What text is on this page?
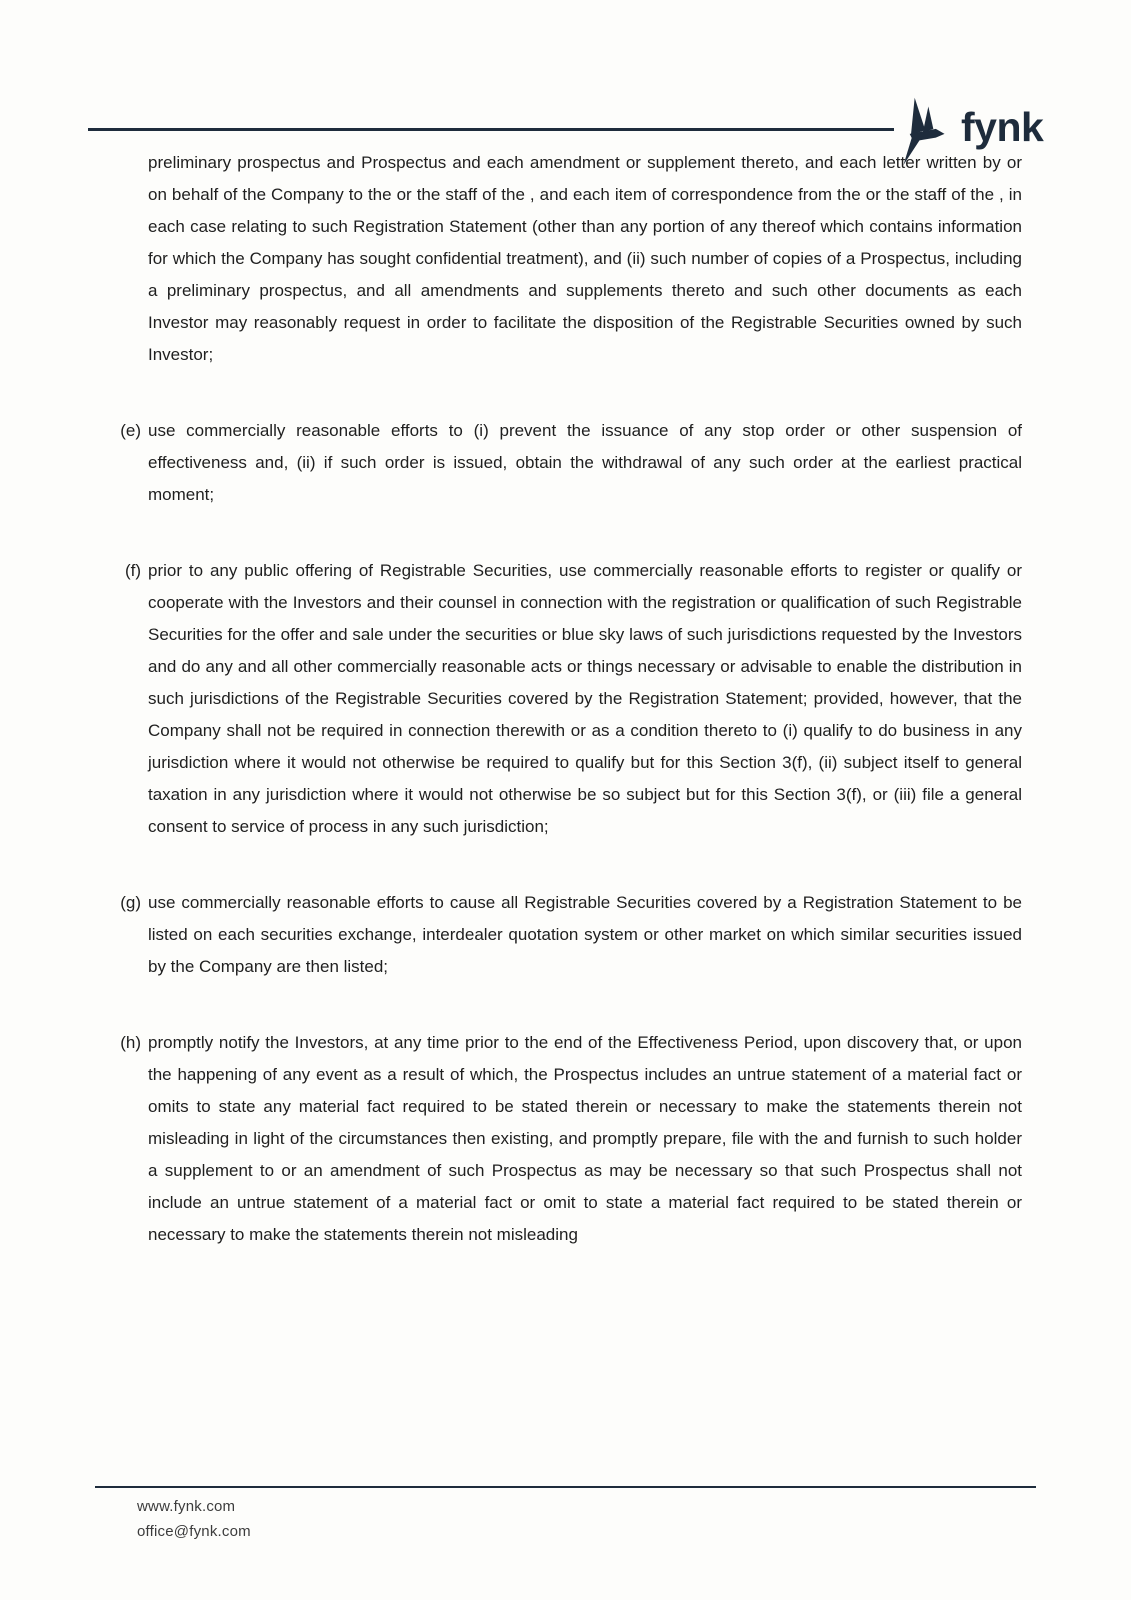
fynk

preliminary prospectus and Prospectus and each amendment or supplement thereto, and each letter written by or on behalf of the Company to the or the staff of the , and each item of correspondence from the or the staff of the , in each case relating to such Registration Statement (other than any portion of any thereof which contains information for which the Company has sought confidential treatment), and (ii) such number of copies of a Prospectus, including a preliminary prospectus, and all amendments and supplements thereto and such other documents as each Investor may reasonably request in order to facilitate the disposition of the Registrable Securities owned by such Investor;

(e) use commercially reasonable efforts to (i) prevent the issuance of any stop order or other suspension of effectiveness and, (ii) if such order is issued, obtain the withdrawal of any such order at the earliest practical moment;

(f) prior to any public offering of Registrable Securities, use commercially reasonable efforts to register or qualify or cooperate with the Investors and their counsel in connection with the registration or qualification of such Registrable Securities for the offer and sale under the securities or blue sky laws of such jurisdictions requested by the Investors and do any and all other commercially reasonable acts or things necessary or advisable to enable the distribution in such jurisdictions of the Registrable Securities covered by the Registration Statement; provided, however, that the Company shall not be required in connection therewith or as a condition thereto to (i) qualify to do business in any jurisdiction where it would not otherwise be required to qualify but for this Section 3(f), (ii) subject itself to general taxation in any jurisdiction where it would not otherwise be so subject but for this Section 3(f), or (iii) file a general consent to service of process in any such jurisdiction;

(g) use commercially reasonable efforts to cause all Registrable Securities covered by a Registration Statement to be listed on each securities exchange, interdealer quotation system or other market on which similar securities issued by the Company are then listed;

(h) promptly notify the Investors, at any time prior to the end of the Effectiveness Period, upon discovery that, or upon the happening of any event as a result of which, the Prospectus includes an untrue statement of a material fact or omits to state any material fact required to be stated therein or necessary to make the statements therein not misleading in light of the circumstances then existing, and promptly prepare, file with the and furnish to such holder a supplement to or an amendment of such Prospectus as may be necessary so that such Prospectus shall not include an untrue statement of a material fact or omit to state a material fact required to be stated therein or necessary to make the statements therein not misleading

www.fynk.com
office@fynk.com
